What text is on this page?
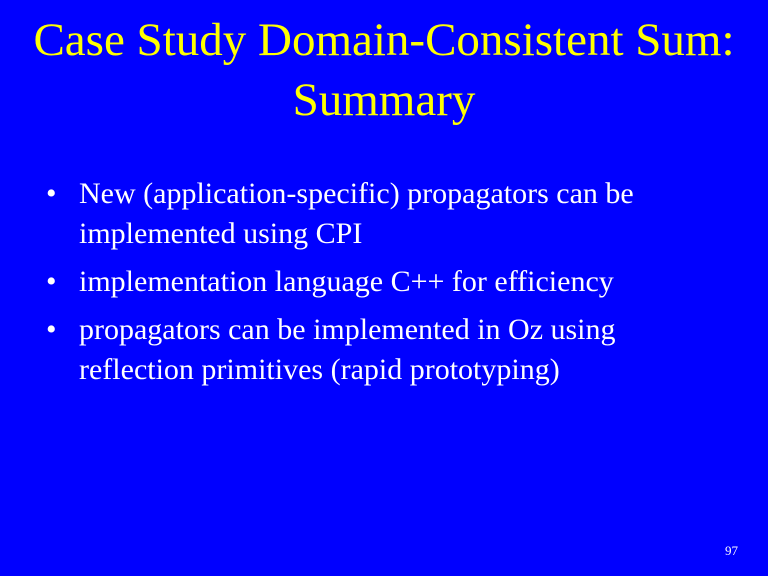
Case Study Domain-Consistent Sum:
Summary
• New (application-specific) propagators can be
implemented using CPI
• implementation language C++ for efficiency
• propagators can be implemented in Oz using
reflection primitives (rapid prototyping)
97
